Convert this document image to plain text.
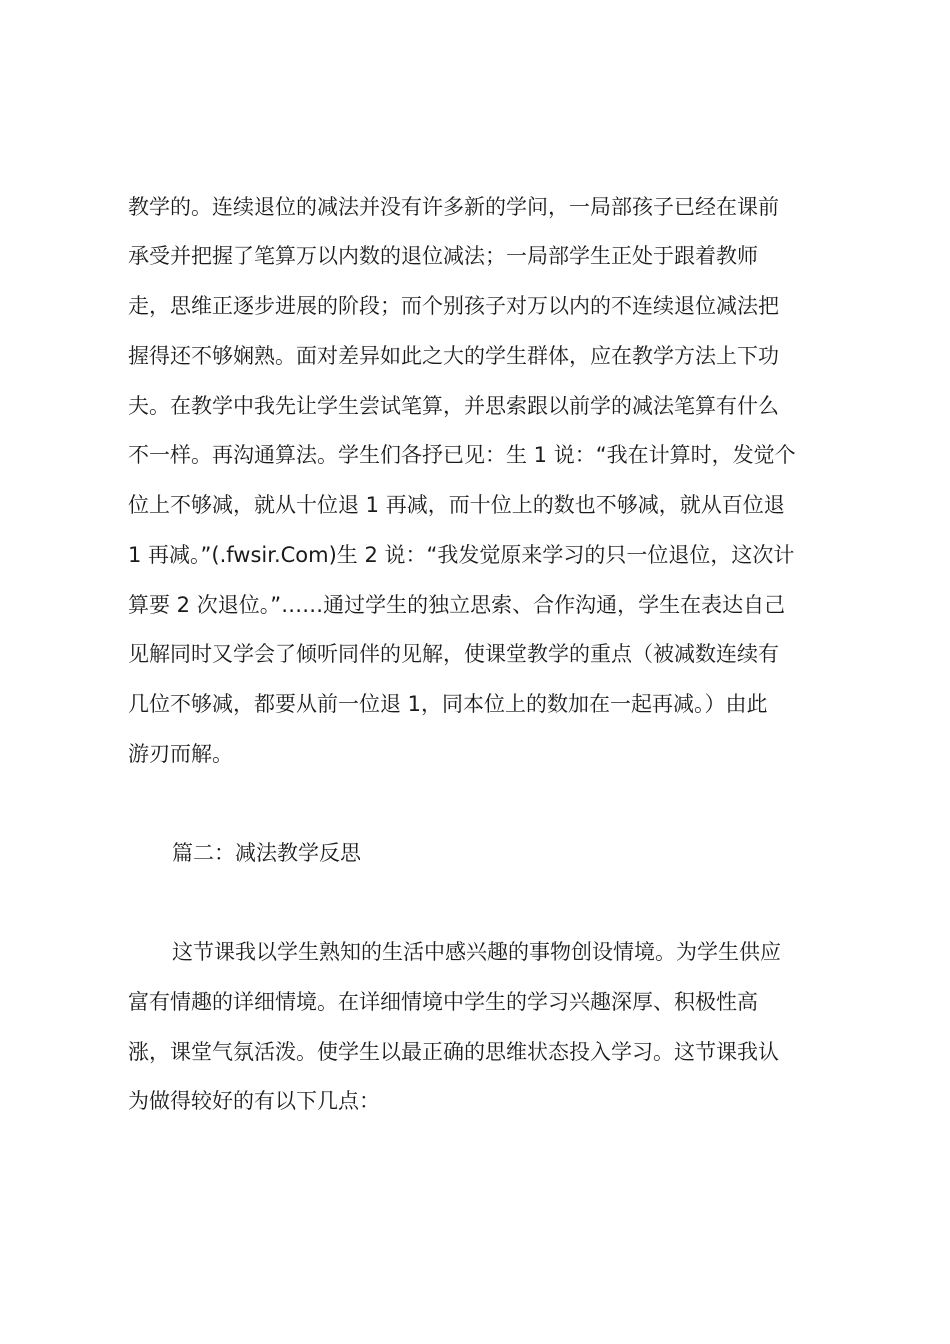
教学的。连续退位的减法并没有许多新的学问，一局部孩子已经在课前
承受并把握了笔算万以内数的退位减法；一局部学生正处于跟着教师
走，思维正逐步进展的阶段；而个别孩子对万以内的不连续退位减法把
握得还不够娴熟。面对差异如此之大的学生群体，应在教学方法上下功
夫。在教学中我先让学生尝试笔算，并思索跟以前学的减法笔算有什么
不一样。再沟通算法。学生们各抒已见：生 1 说：“我在计算时，发觉个
位上不够减，就从十位退 1 再减，而十位上的数也不够减，就从百位退
1 再减。”(.fwsir.Com)生 2 说：“我发觉原来学习的只一位退位，这次计
算要 2 次退位。”……通过学生的独立思索、合作沟通，学生在表达自己
见解同时又学会了倾听同伴的见解，使课堂教学的重点（被减数连续有
几位不够减，都要从前一位退 1，同本位上的数加在一起再减。）由此
游刃而解。
篇二：减法教学反思
这节课我以学生熟知的生活中感兴趣的事物创设情境。为学生供应
富有情趣的详细情境。在详细情境中学生的学习兴趣深厚、积极性高
涨，课堂气氛活泼。使学生以最正确的思维状态投入学习。这节课我认
为做得较好的有以下几点：
